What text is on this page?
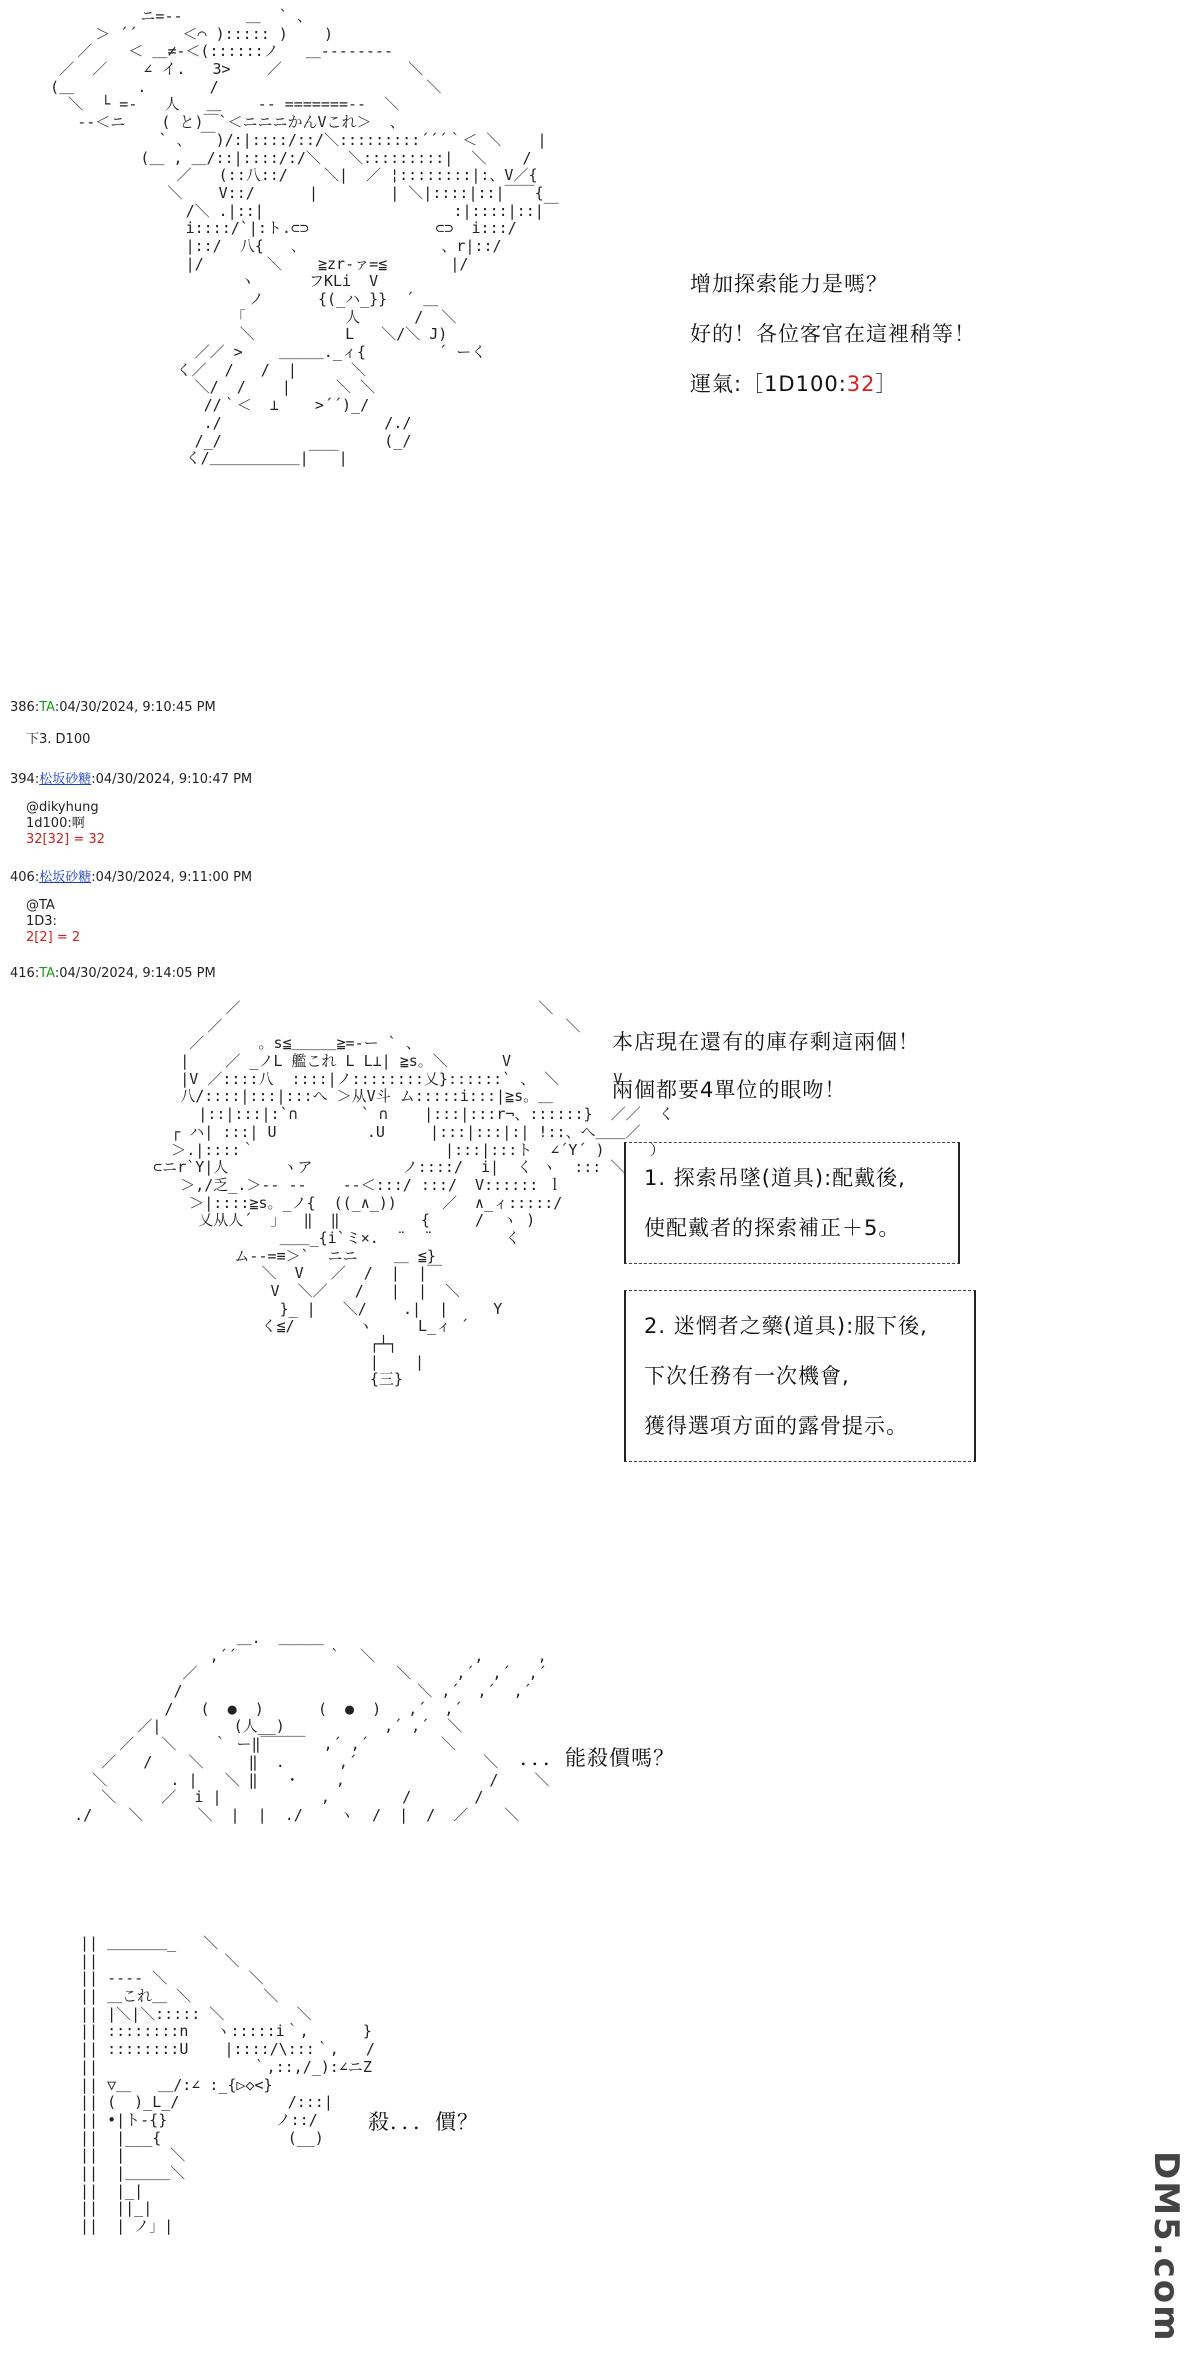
ニ=--       ＿  ` 、
＞ ´´     ＜⌒ )::::: )    )
／    ＜ ＿≠-＜(::::::ノ   ＿--------
／  ／    ∠ イ.   3>    ／              ＼
(＿       .       /                       ＼
＼  └ =-   人   ＿    -- =======--  ＼
--＜ニ    ( と)￣`＜ニニニかんVこれ＞  、
` 、 ￣)/:|::::/::/＼:::::::::´´´｀＜ ＼    |
(＿ , ＿/::|::::/:/＼   ＼:::::::::|  ＼    /
／   (::八::/    ＼|  ／ ¦::::::::|:、V／{
＼    V::/      |        | ＼|::::|::|￣￣{
/＼ .|::|                     :|::::|::|￣
i::::/`|:ト.⊂⊃              ⊂⊃  i:::/
|::/  八{   、               、r|::/
|/       ＼    ≧zr-ァ=≦       |/
ヽ      フKLi  V
ノ      {(_ハ_}}  ´ ＿
「           人      /  ＼
＼          L   ＼/＼ J)
／／ >    ＿＿＿._ィ{        ´ ーく
く／  /   /  |      ＼
＼/  /    |     ＼ ＼
//｀＜  ⊥    >´´)_/
./                  /./
/_/                  (_/
く/＿＿＿＿＿＿|￣￣|

增加探索能力是嗎？
好的！各位客官在這裡稍等！
運氣:［1D100:32］
386:TA:04/30/2024, 9:10:45 PM
下3. D100
394:松坂砂糖:04/30/2024, 9:10:47 PM
@dikyhung
1d100:啊
32[32] = 32
406:松坂砂糖:04/30/2024, 9:11:00 PM
@TA
1D3:
2[2] = 2
416:TA:04/30/2024, 9:14:05 PM
／                                 ＼
／                                      ＼
／      。s≦＿＿＿≧=-ー ` 、
|    ／ _ノL 艦これ L L⊥| ≧s。＼      V
|V ／::::八  ::::|ノ::::::::乂}::::::` 、 ＼      V
八/::::|:::|:::へ ＞从V斗 ム:::::i:::|≧s。＿
|::|:::|:`∩       ` ∩    |:::|:::r¬、::::::}  ／／  く
┌ ハ| :::| U          .U     |:::|:::|:| !::、へ＿＿／
＞.|::::｀                     |:::|:::ト  ∠´Y´ )     ）
⊂ニr`Y|人      ヽア          ノ::::/  i|  く ヽ  ::: ＼
＞,/乏_.＞-- --    --＜:::/ :::/  V:::::: ｌ
＞|::::≧s。_ノ{  ((_∧_))     ／  ∧_ィ:::::/
乂从人´  」  ‖  ‖         {     /  ヽ )
＿＿_{i`ミ×.  ¨  ¨        く
ム--=≡＞`  ニニ    ＿ ≦}
＼  V   ／  /  |  |￣
V  ＼／   /   |  |  ＼
}_ |   ＼/    .|  |     Y
く≦/       ヽ     L_ィ ´
┌┴┐
|    |
{三}

本店現在還有的庫存剩這兩個！
兩個都要4單位的眼吻！
1. 探索吊墜(道具):配戴後,
使配戴者的探索補正＋5。
2. 迷惘者之藥(道具):服下後,
下次任務有一次機會,
獲得選項方面的露骨提示。
＿.  ＿＿＿
,´´          ｀  ＼           ,      ,
／                      ＼     ,´  ,´  ,´
/                          ＼ ,´  ,´  ,´
/   (  ●  )      (  ●  )   ,´  ,´
／|        (人__)           ,´ ,´  ＼
／   ＼    ｀ ー‖￣￣￣  ,´ ,´        ＼
／   /    ＼     ‖  .      ,´              ＼
＼       . |   ＼ ‖   ・    ,                /    ＼
＼     ／  i |           ,        /       /
./    ＼      ＼  |  |  ./    ヽ  /  |  /  ／    ＼

．．．能殺價嗎？
|| ＿＿＿＿_   ＼
||              ＼
|| ---- ＼         ＼
|| ＿これ＿ ＼        ＼
|| |＼|＼::::: ＼        ＼
|| ::::::::n   ヽ:::::i｀,      }
|| ::::::::U    |::::/\:::｀,   /
||                 ｀,::,/_):∠ニZ
|| ▽＿   ＿/:∠ :_{▷◇<}
|| (  )_L_/            /:::|
|| •|ト-{}            ノ::/
||  |___{              (__)
||  |     ＼
||  |＿＿＿＼
||  |_|
||  ||_|
||  | ノ」|

殺．．．價？
DM5.com
